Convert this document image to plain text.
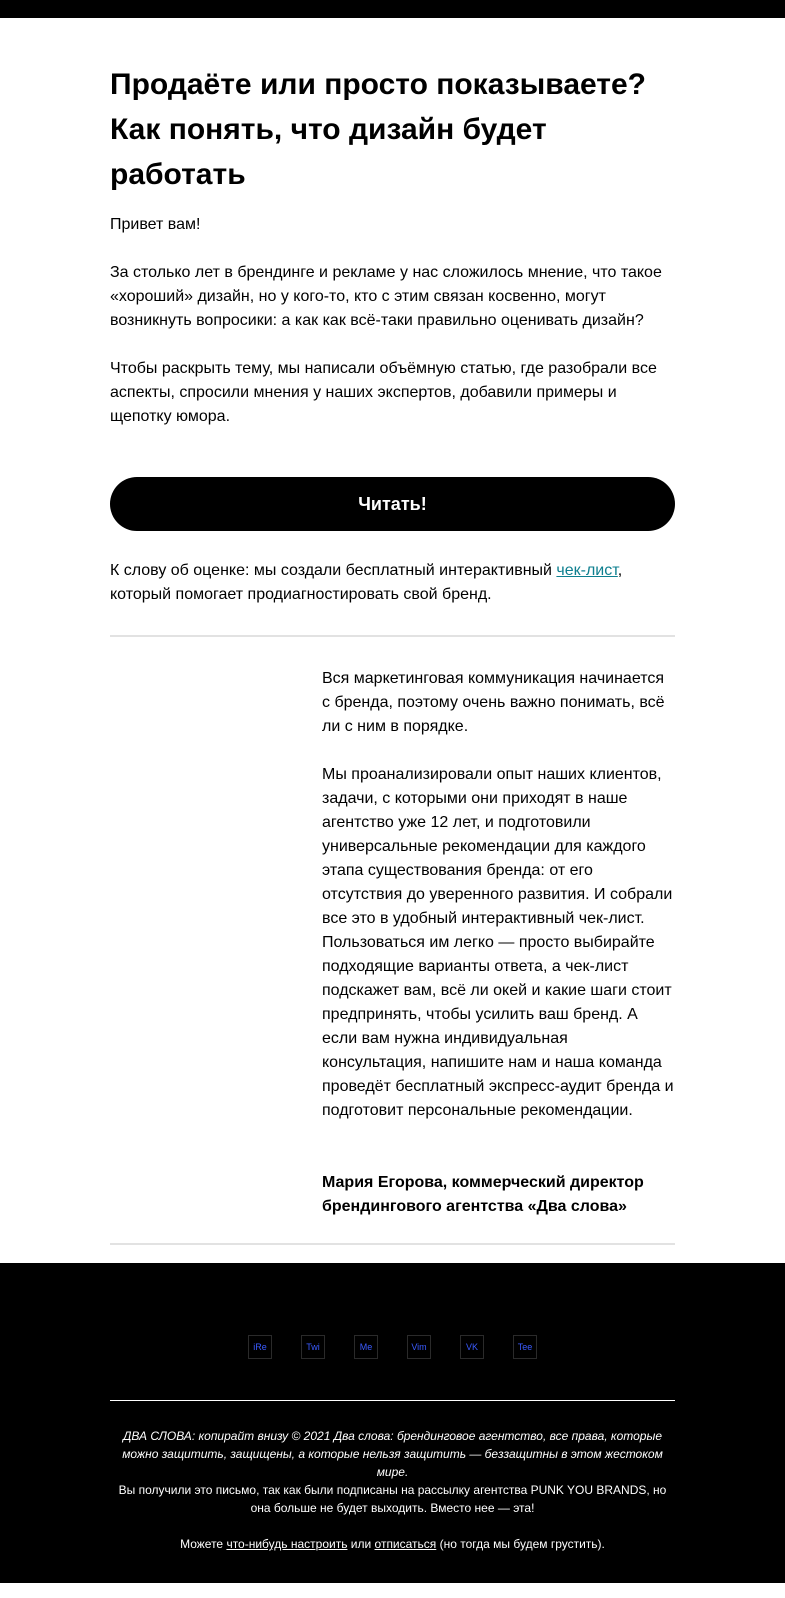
Продаёте или просто показываете? Как понять, что дизайн будет работать

Привет вам!

За столько лет в брендинге и рекламе у нас сложилось мнение, что такое «хороший» дизайн, но у кого-то, кто с этим связан косвенно, могут возникнуть вопросики: а как как всё-таки правильно оценивать дизайн?

Чтобы раскрыть тему, мы написали объёмную статью, где разобрали все аспекты, спросили мнения у наших экспертов, добавили примеры и щепотку юмора.

Читать!

К слову об оценке: мы создали бесплатный интерактивный чек-лист, который помогает продиагностировать свой бренд.

Вся маркетинговая коммуникация начинается с бренда, поэтому очень важно понимать, всё ли с ним в порядке.

Мы проанализировали опыт наших клиентов, задачи, с которыми они приходят в наше агентство уже 12 лет, и подготовили универсальные рекомендации для каждого этапа существования бренда: от его отсутствия до уверенного развития. И собрали все это в удобный интерактивный чек-лист. Пользоваться им легко — просто выбирайте подходящие варианты ответа, а чек-лист подскажет вам, всё ли окей и какие шаги стоит предпринять, чтобы усилить ваш бренд. А если вам нужна индивидуальная консультация, напишите нам и наша команда проведёт бесплатный экспресс-аудит бренда и подготовит персональные рекомендации.

Мария Егорова, коммерческий директор брендингового агентства «Два слова»

iRe	Twi	Me	Vim	VK	Tee

ДВА СЛОВА: копирайт внизу © 2021 Два слова: брендинговое агентство, все права, которые можно защитить, защищены, а которые нельзя защитить — беззащитны в этом жестоком мире.

Вы получили это письмо, так как были подписаны на рассылку агентства PUNK YOU BRANDS, но она больше не будет выходить. Вместо нее — эта!

Можете что-нибудь настроить или отписаться (но тогда мы будем грустить).
